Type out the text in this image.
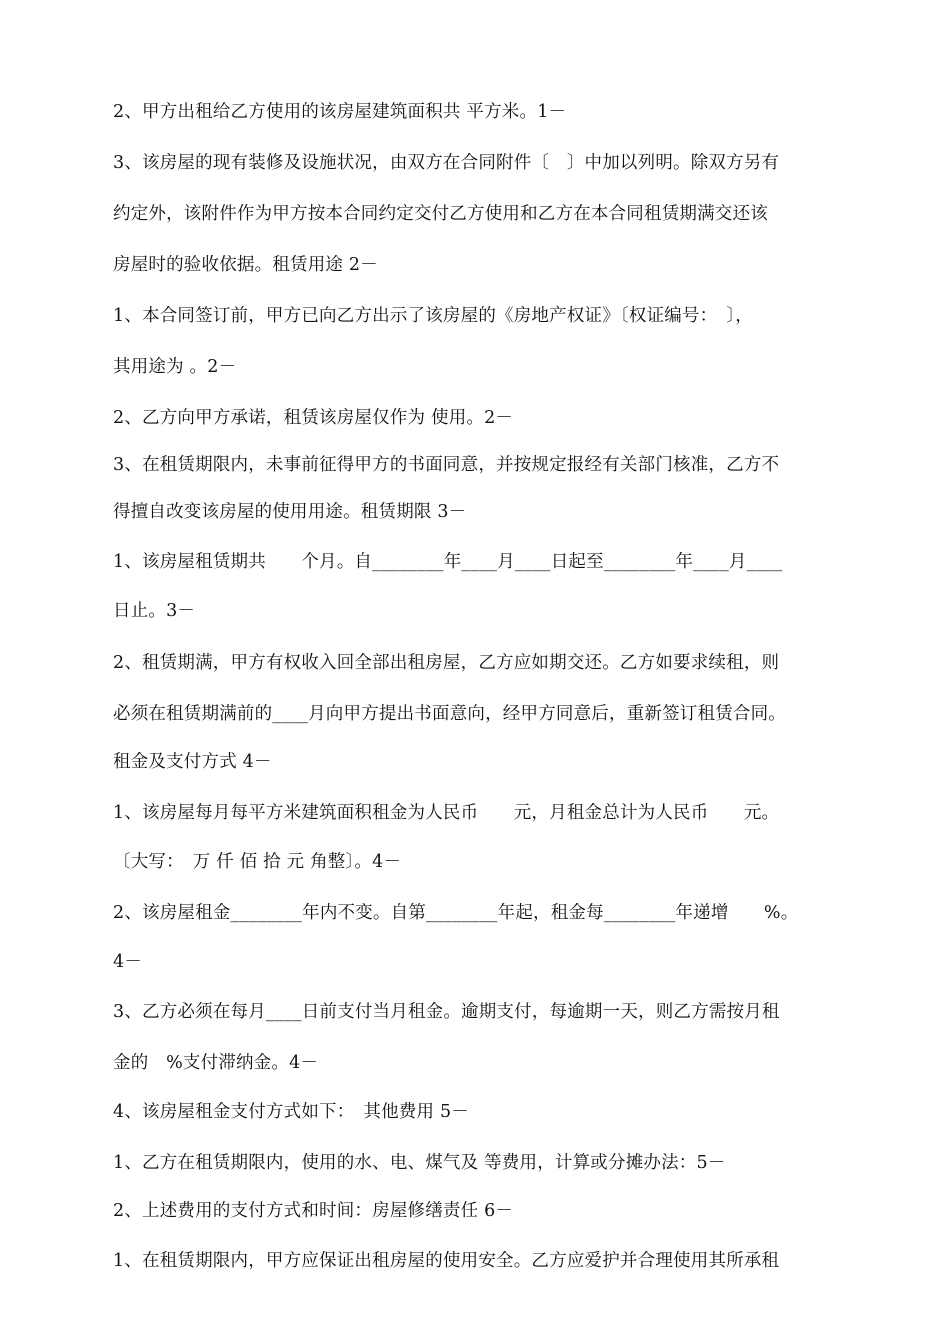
2、甲方出租给乙方使用的该房屋建筑面积共 平方米。1－
3、该房屋的现有装修及设施状况，由双方在合同附件〔　〕中加以列明。除双方另有
约定外，该附件作为甲方按本合同约定交付乙方使用和乙方在本合同租赁期满交还该
房屋时的验收依据。租赁用途 2－
1、本合同签订前，甲方已向乙方出示了该房屋的《房地产权证》〔权证编号：　〕，
其用途为 。2－
2、乙方向甲方承诺，租赁该房屋仅作为 使用。2－
3、在租赁期限内，未事前征得甲方的书面同意，并按规定报经有关部门核准，乙方不
得擅自改变该房屋的使用用途。租赁期限 3－
1、该房屋租赁期共　　个月。自________年____月____日起至________年____月____
日止。3－
2、租赁期满，甲方有权收入回全部出租房屋，乙方应如期交还。乙方如要求续租，则
必须在租赁期满前的____月向甲方提出书面意向，经甲方同意后，重新签订租赁合同。
租金及支付方式 4－
1、该房屋每月每平方米建筑面积租金为人民币　　元，月租金总计为人民币　　元。
〔大写：　万 仟 佰 拾 元 角整〕。4－
2、该房屋租金________年内不变。自第________年起，租金每________年递增　　%。
4－
3、乙方必须在每月____日前支付当月租金。逾期支付，每逾期一天，则乙方需按月租
金的　%支付滞纳金。4－
4、该房屋租金支付方式如下：　其他费用 5－
1、乙方在租赁期限内，使用的水、电、煤气及 等费用，计算或分摊办法：5－
2、上述费用的支付方式和时间：房屋修缮责任 6－
1、在租赁期限内，甲方应保证出租房屋的使用安全。乙方应爱护并合理使用其所承租
